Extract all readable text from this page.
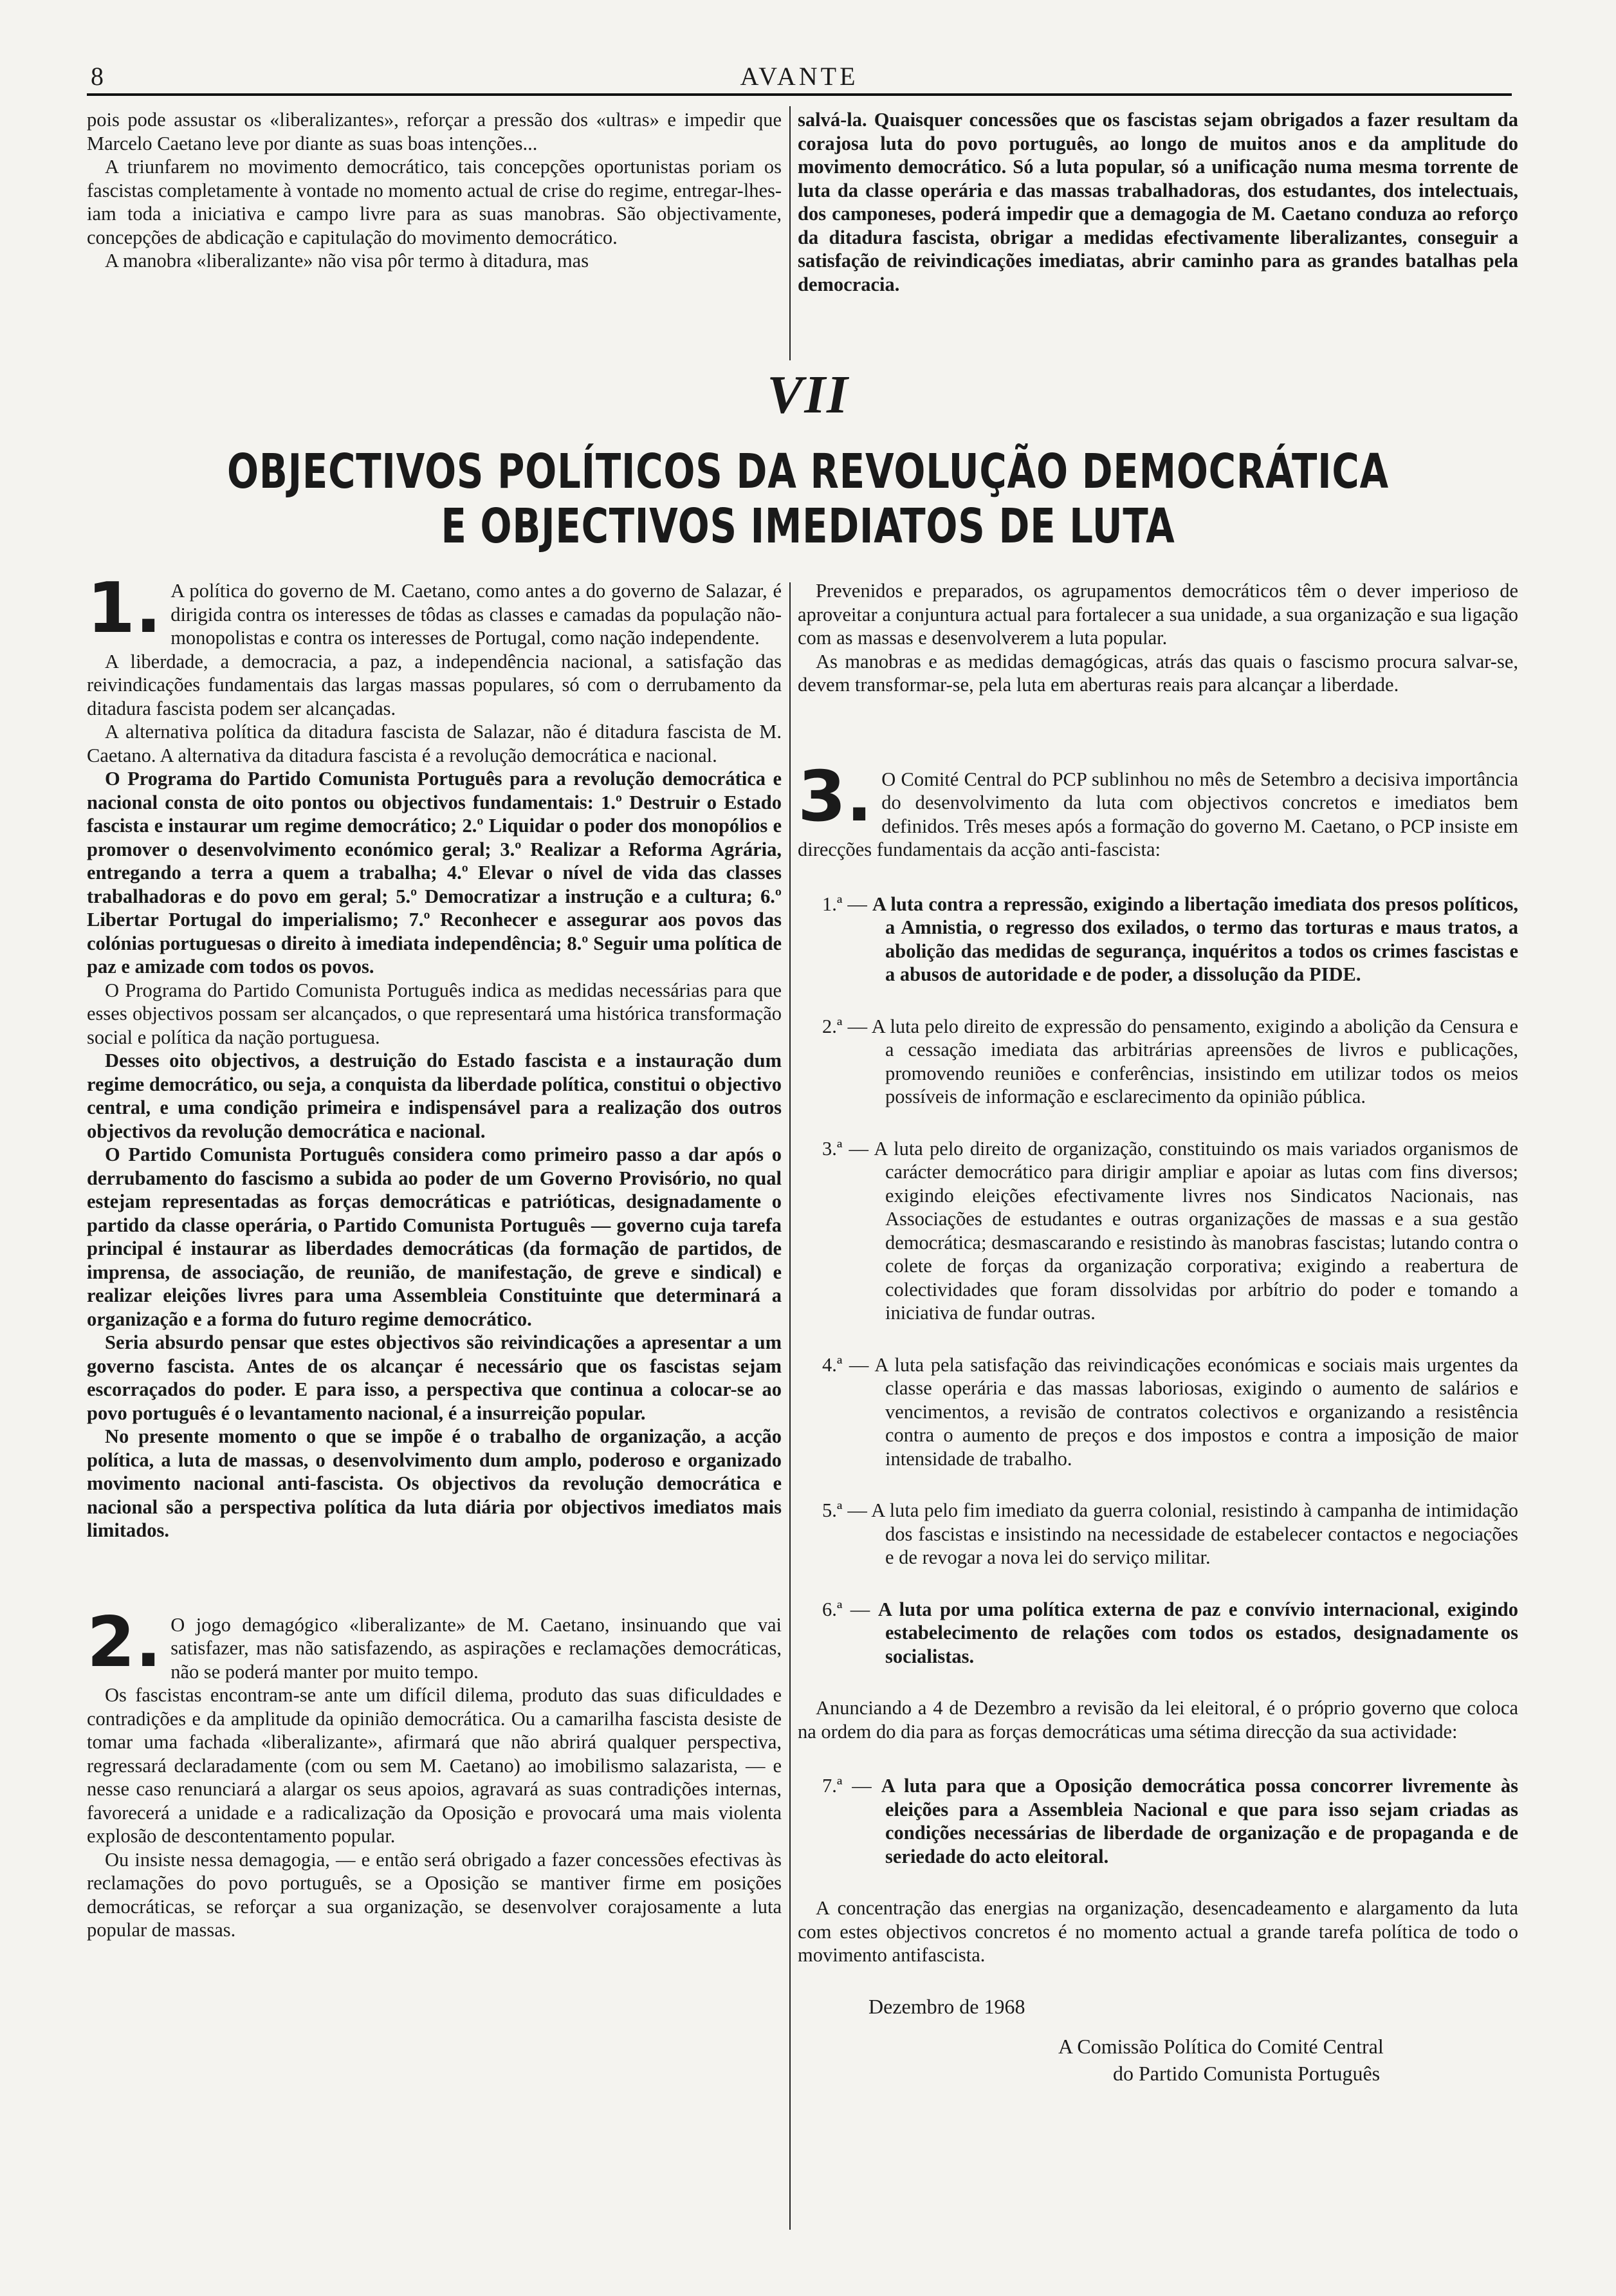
8	AVANTE

pois pode assustar os «liberalizantes», reforçar a pressão dos «ultras» e impedir que Marcelo Caetano leve por diante as suas boas intenções...

A triunfarem no movimento democrático, tais concepções oportunistas poriam os fascistas completamente à vontade no momento actual de crise do regime, entregar-lhes-iam toda a iniciativa e campo livre para as suas manobras. São objectivamente, concepções de abdicação e capitulação do movimento democrático.

A manobra «liberalizante» não visa pôr termo à ditadura, mas

salvá-la. Quaisquer concessões que os fascistas sejam obrigados a fazer resultam da corajosa luta do povo português, ao longo de muitos anos e da amplitude do movimento democrático. Só a luta popular, só a unificação numa mesma torrente de luta da classe operária e das massas trabalhadoras, dos estudantes, dos intelectuais, dos camponeses, poderá impedir que a demagogia de M. Caetano conduza ao reforço da ditadura fascista, obrigar a medidas efectivamente liberalizantes, conseguir a satisfação de reivindicações imediatas, abrir caminho para as grandes batalhas pela democracia.

VII
OBJECTIVOS POLÍTICOS DA REVOLUÇÃO DEMOCRÁTICA
E OBJECTIVOS IMEDIATOS DE LUTA
1. A política do governo de M. Caetano, como antes a do governo de Salazar, é dirigida contra os interesses de tôdas as classes e camadas da população não-monopolistas e contra os interesses de Portugal, como nação independente.

A liberdade, a democracia, a paz, a independência nacional, a satisfação das reivindicações fundamentais das largas massas populares, só com o derrubamento da ditadura fascista podem ser alcançadas.

A alternativa política da ditadura fascista de Salazar, não é ditadura fascista de M. Caetano. A alternativa da ditadura fascista é a revolução democrática e nacional.

O Programa do Partido Comunista Português para a revolução democrática e nacional consta de oito pontos ou objectivos fundamentais: 1.º Destruir o Estado fascista e instaurar um regime democrático; 2.º Liquidar o poder dos monopólios e promover o desenvolvimento económico geral; 3.º Realizar a Reforma Agrária, entregando a terra a quem a trabalha; 4.º Elevar o nível de vida das classes trabalhadoras e do povo em geral; 5.º Democratizar a instrução e a cultura; 6.º Libertar Portugal do imperialismo; 7.º Reconhecer e assegurar aos povos das colónias portuguesas o direito à imediata independência; 8.º Seguir uma política de paz e amizade com todos os povos.

O Programa do Partido Comunista Português indica as medidas necessárias para que esses objectivos possam ser alcançados, o que representará uma histórica transformação social e política da nação portuguesa.

Desses oito objectivos, a destruição do Estado fascista e a instauração dum regime democrático, ou seja, a conquista da liberdade política, constitui o objectivo central, e uma condição primeira e indispensável para a realização dos outros objectivos da revolução democrática e nacional.

O Partido Comunista Português considera como primeiro passo a dar após o derrubamento do fascismo a subida ao poder de um Governo Provisório, no qual estejam representadas as forças democráticas e patrióticas, designadamente o partido da classe operária, o Partido Comunista Português — governo cuja tarefa principal é instaurar as liberdades democráticas (da formação de partidos, de imprensa, de associação, de reunião, de manifestação, de greve e sindical) e realizar eleições livres para uma Assembleia Constituinte que determinará a organização e a forma do futuro regime democrático.

Seria absurdo pensar que estes objectivos são reivindicações a apresentar a um governo fascista. Antes de os alcançar é necessário que os fascistas sejam escorraçados do poder. E para isso, a perspectiva que continua a colocar-se ao povo português é o levantamento nacional, é a insurreição popular.

No presente momento o que se impõe é o trabalho de organização, a acção política, a luta de massas, o desenvolvimento dum amplo, poderoso e organizado movimento nacional anti-fascista. Os objectivos da revolução democrática e nacional são a perspectiva política da luta diária por objectivos imediatos mais limitados.

2. O jogo demagógico «liberalizante» de M. Caetano, insinuando que vai satisfazer, mas não satisfazendo, as aspirações e reclamações democráticas, não se poderá manter por muito tempo.

Os fascistas encontram-se ante um difícil dilema, produto das suas dificuldades e contradições e da amplitude da opinião democrática. Ou a camarilha fascista desiste de tomar uma fachada «liberalizante», afirmará que não abrirá qualquer perspectiva, regressará declaradamente (com ou sem M. Caetano) ao imobilismo salazarista, — e nesse caso renunciará a alargar os seus apoios, agravará as suas contradições internas, favorecerá a unidade e a radicalização da Oposição e provocará uma mais violenta explosão de descontentamento popular.

Ou insiste nessa demagogia, — e então será obrigado a fazer concessões efectivas às reclamações do povo português, se a Oposição se mantiver firme em posições democráticas, se reforçar a sua organização, se desenvolver corajosamente a luta popular de massas.

Prevenidos e preparados, os agrupamentos democráticos têm o dever imperioso de aproveitar a conjuntura actual para fortalecer a sua unidade, a sua organização e sua ligação com as massas e desenvolverem a luta popular.

As manobras e as medidas demagógicas, atrás das quais o fascismo procura salvar-se, devem transformar-se, pela luta em aberturas reais para alcançar a liberdade.

3. O Comité Central do PCP sublinhou no mês de Setembro a decisiva importância do desenvolvimento da luta com objectivos concretos e imediatos bem definidos. Três meses após a formação do governo M. Caetano, o PCP insiste em direcções fundamentais da acção anti-fascista:

1.ª — A luta contra a repressão, exigindo a libertação imediata dos presos políticos, a Amnistia, o regresso dos exilados, o termo das torturas e maus tratos, a abolição das medidas de segurança, inquéritos a todos os crimes fascistas e a abusos de autoridade e de poder, a dissolução da PIDE.

2.ª — A luta pelo direito de expressão do pensamento, exigindo a abolição da Censura e a cessação imediata das arbitrárias apreensões de livros e publicações, promovendo reuniões e conferências, insistindo em utilizar todos os meios possíveis de informação e esclarecimento da opinião pública.

3.ª — A luta pelo direito de organização, constituindo os mais variados organismos de carácter democrático para dirigir ampliar e apoiar as lutas com fins diversos; exigindo eleições efectivamente livres nos Sindicatos Nacionais, nas Associações de estudantes e outras organizações de massas e a sua gestão democrática; desmascarando e resistindo às manobras fascistas; lutando contra o colete de forças da organização corporativa; exigindo a reabertura de colectividades que foram dissolvidas por arbítrio do poder e tomando a iniciativa de fundar outras.

4.ª — A luta pela satisfação das reivindicações económicas e sociais mais urgentes da classe operária e das massas laboriosas, exigindo o aumento de salários e vencimentos, a revisão de contratos colectivos e organizando a resistência contra o aumento de preços e dos impostos e contra a imposição de maior intensidade de trabalho.

5.ª — A luta pelo fim imediato da guerra colonial, resistindo à campanha de intimidação dos fascistas e insistindo na necessidade de estabelecer contactos e negociações e de revogar a nova lei do serviço militar.

6.ª — A luta por uma política externa de paz e convívio internacional, exigindo estabelecimento de relações com todos os estados, designadamente os socialistas.

Anunciando a 4 de Dezembro a revisão da lei eleitoral, é o próprio governo que coloca na ordem do dia para as forças democráticas uma sétima direcção da sua actividade:

7.ª — A luta para que a Oposição democrática possa concorrer livremente às eleições para a Assembleia Nacional e que para isso sejam criadas as condições necessárias de liberdade de organização e de propaganda e de seriedade do acto eleitoral.

A concentração das energias na organização, desencadeamento e alargamento da luta com estes objectivos concretos é no momento actual a grande tarefa política de todo o movimento antifascista.

Dezembro de 1968
A Comissão Política do Comité Central
do Partido Comunista Português
